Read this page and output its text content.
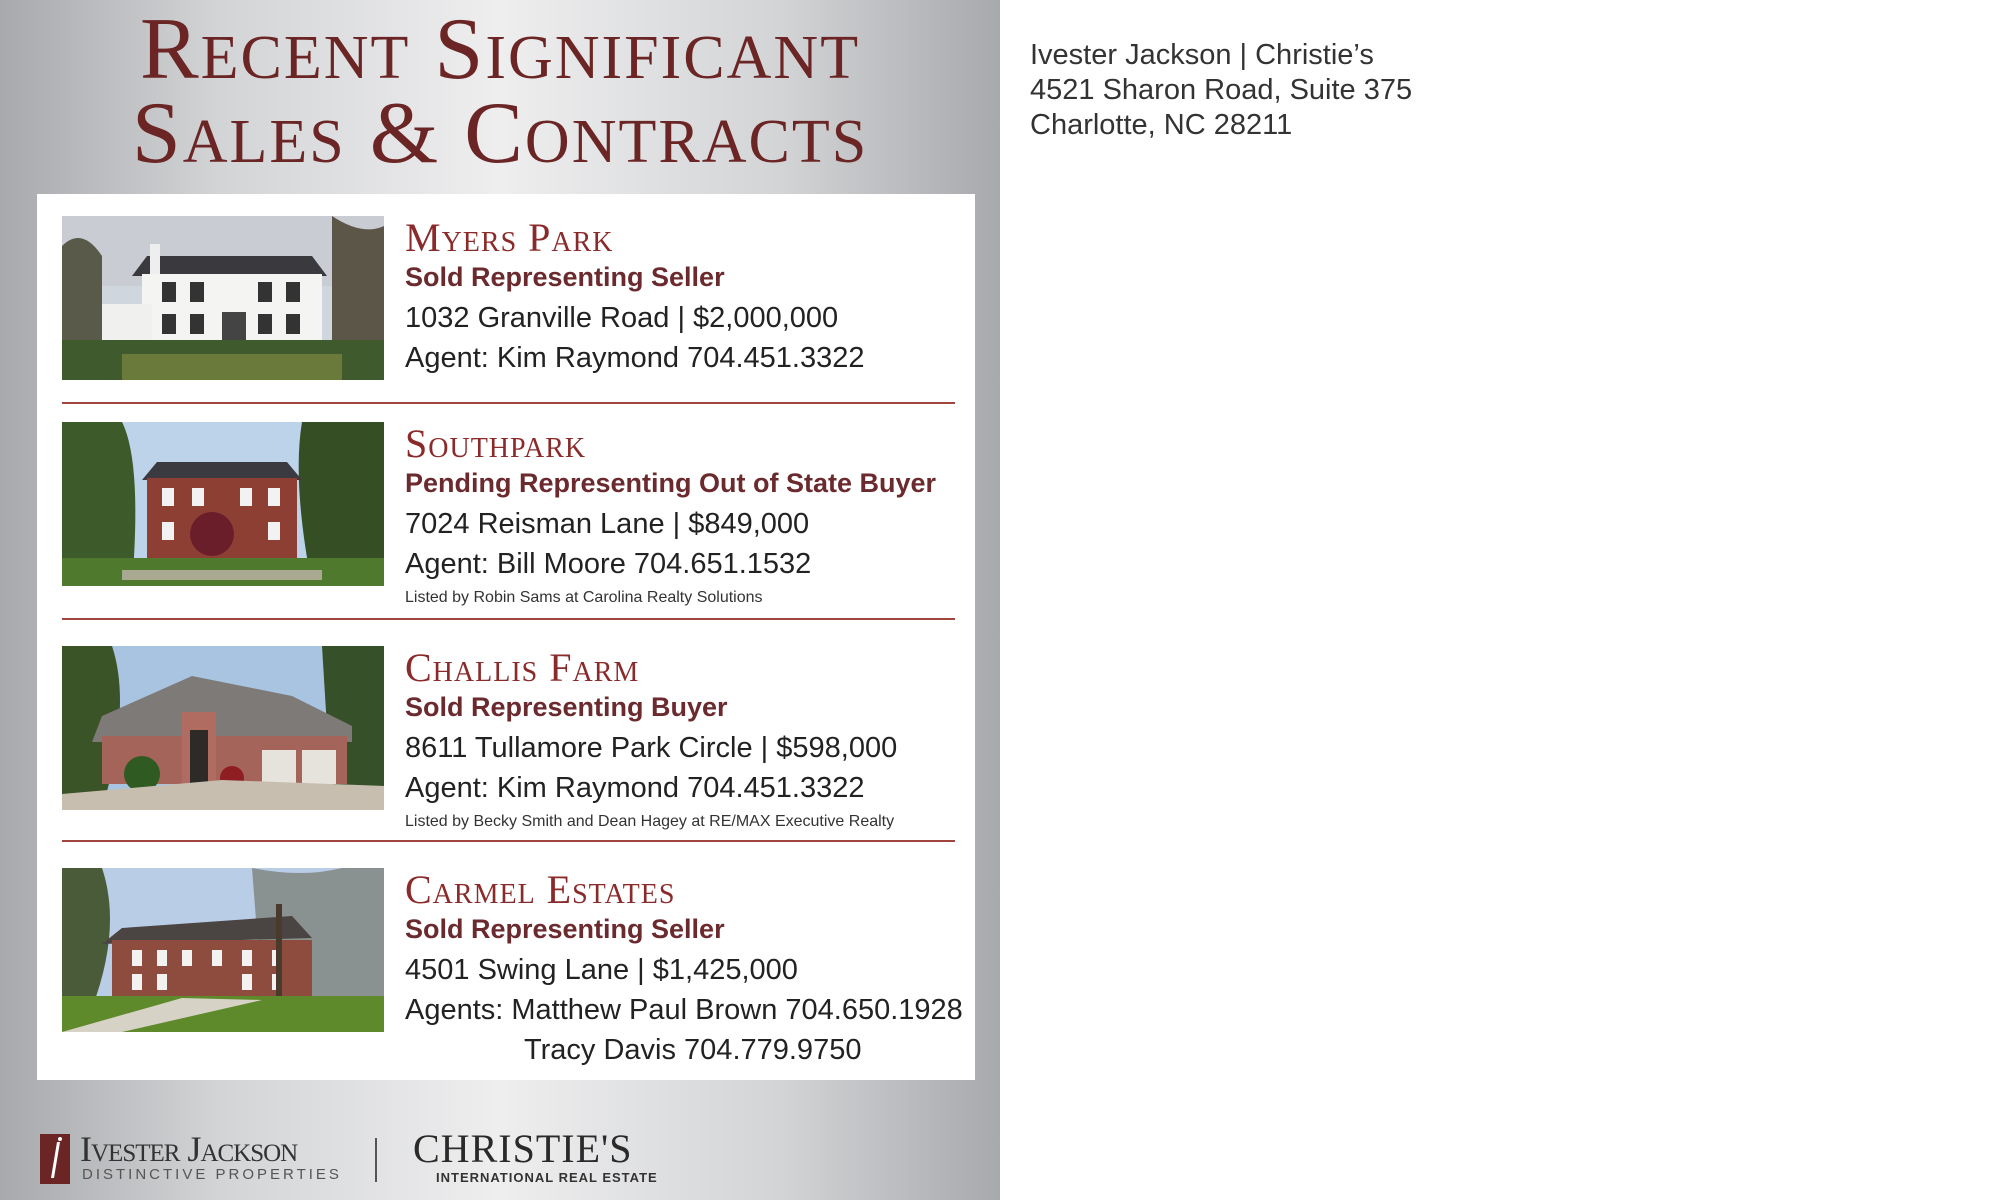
Recent Significant
Sales & Contracts
Myers Park
Sold Representing Seller
1032 Granville Road | $2,000,000
Agent: Kim Raymond 704.451.3322
Southpark
Pending Representing Out of State Buyer
7024 Reisman Lane | $849,000
Agent: Bill Moore 704.651.1532
Listed by Robin Sams at Carolina Realty Solutions
Challis Farm
Sold Representing Buyer
8611 Tullamore Park Circle | $598,000
Agent: Kim Raymond 704.451.3322
Listed by Becky Smith and Dean Hagey at RE/MAX Executive Realty
Carmel Estates
Sold Representing Seller
4501 Swing Lane | $1,425,000
Agents: Matthew Paul Brown 704.650.1928
Tracy Davis 704.779.9750
Ivester Jackson
DISTINCTIVE PROPERTIES
CHRISTIE'S
INTERNATIONAL REAL ESTATE
Ivester Jackson | Christie’s
4521 Sharon Road, Suite 375
Charlotte, NC 28211
